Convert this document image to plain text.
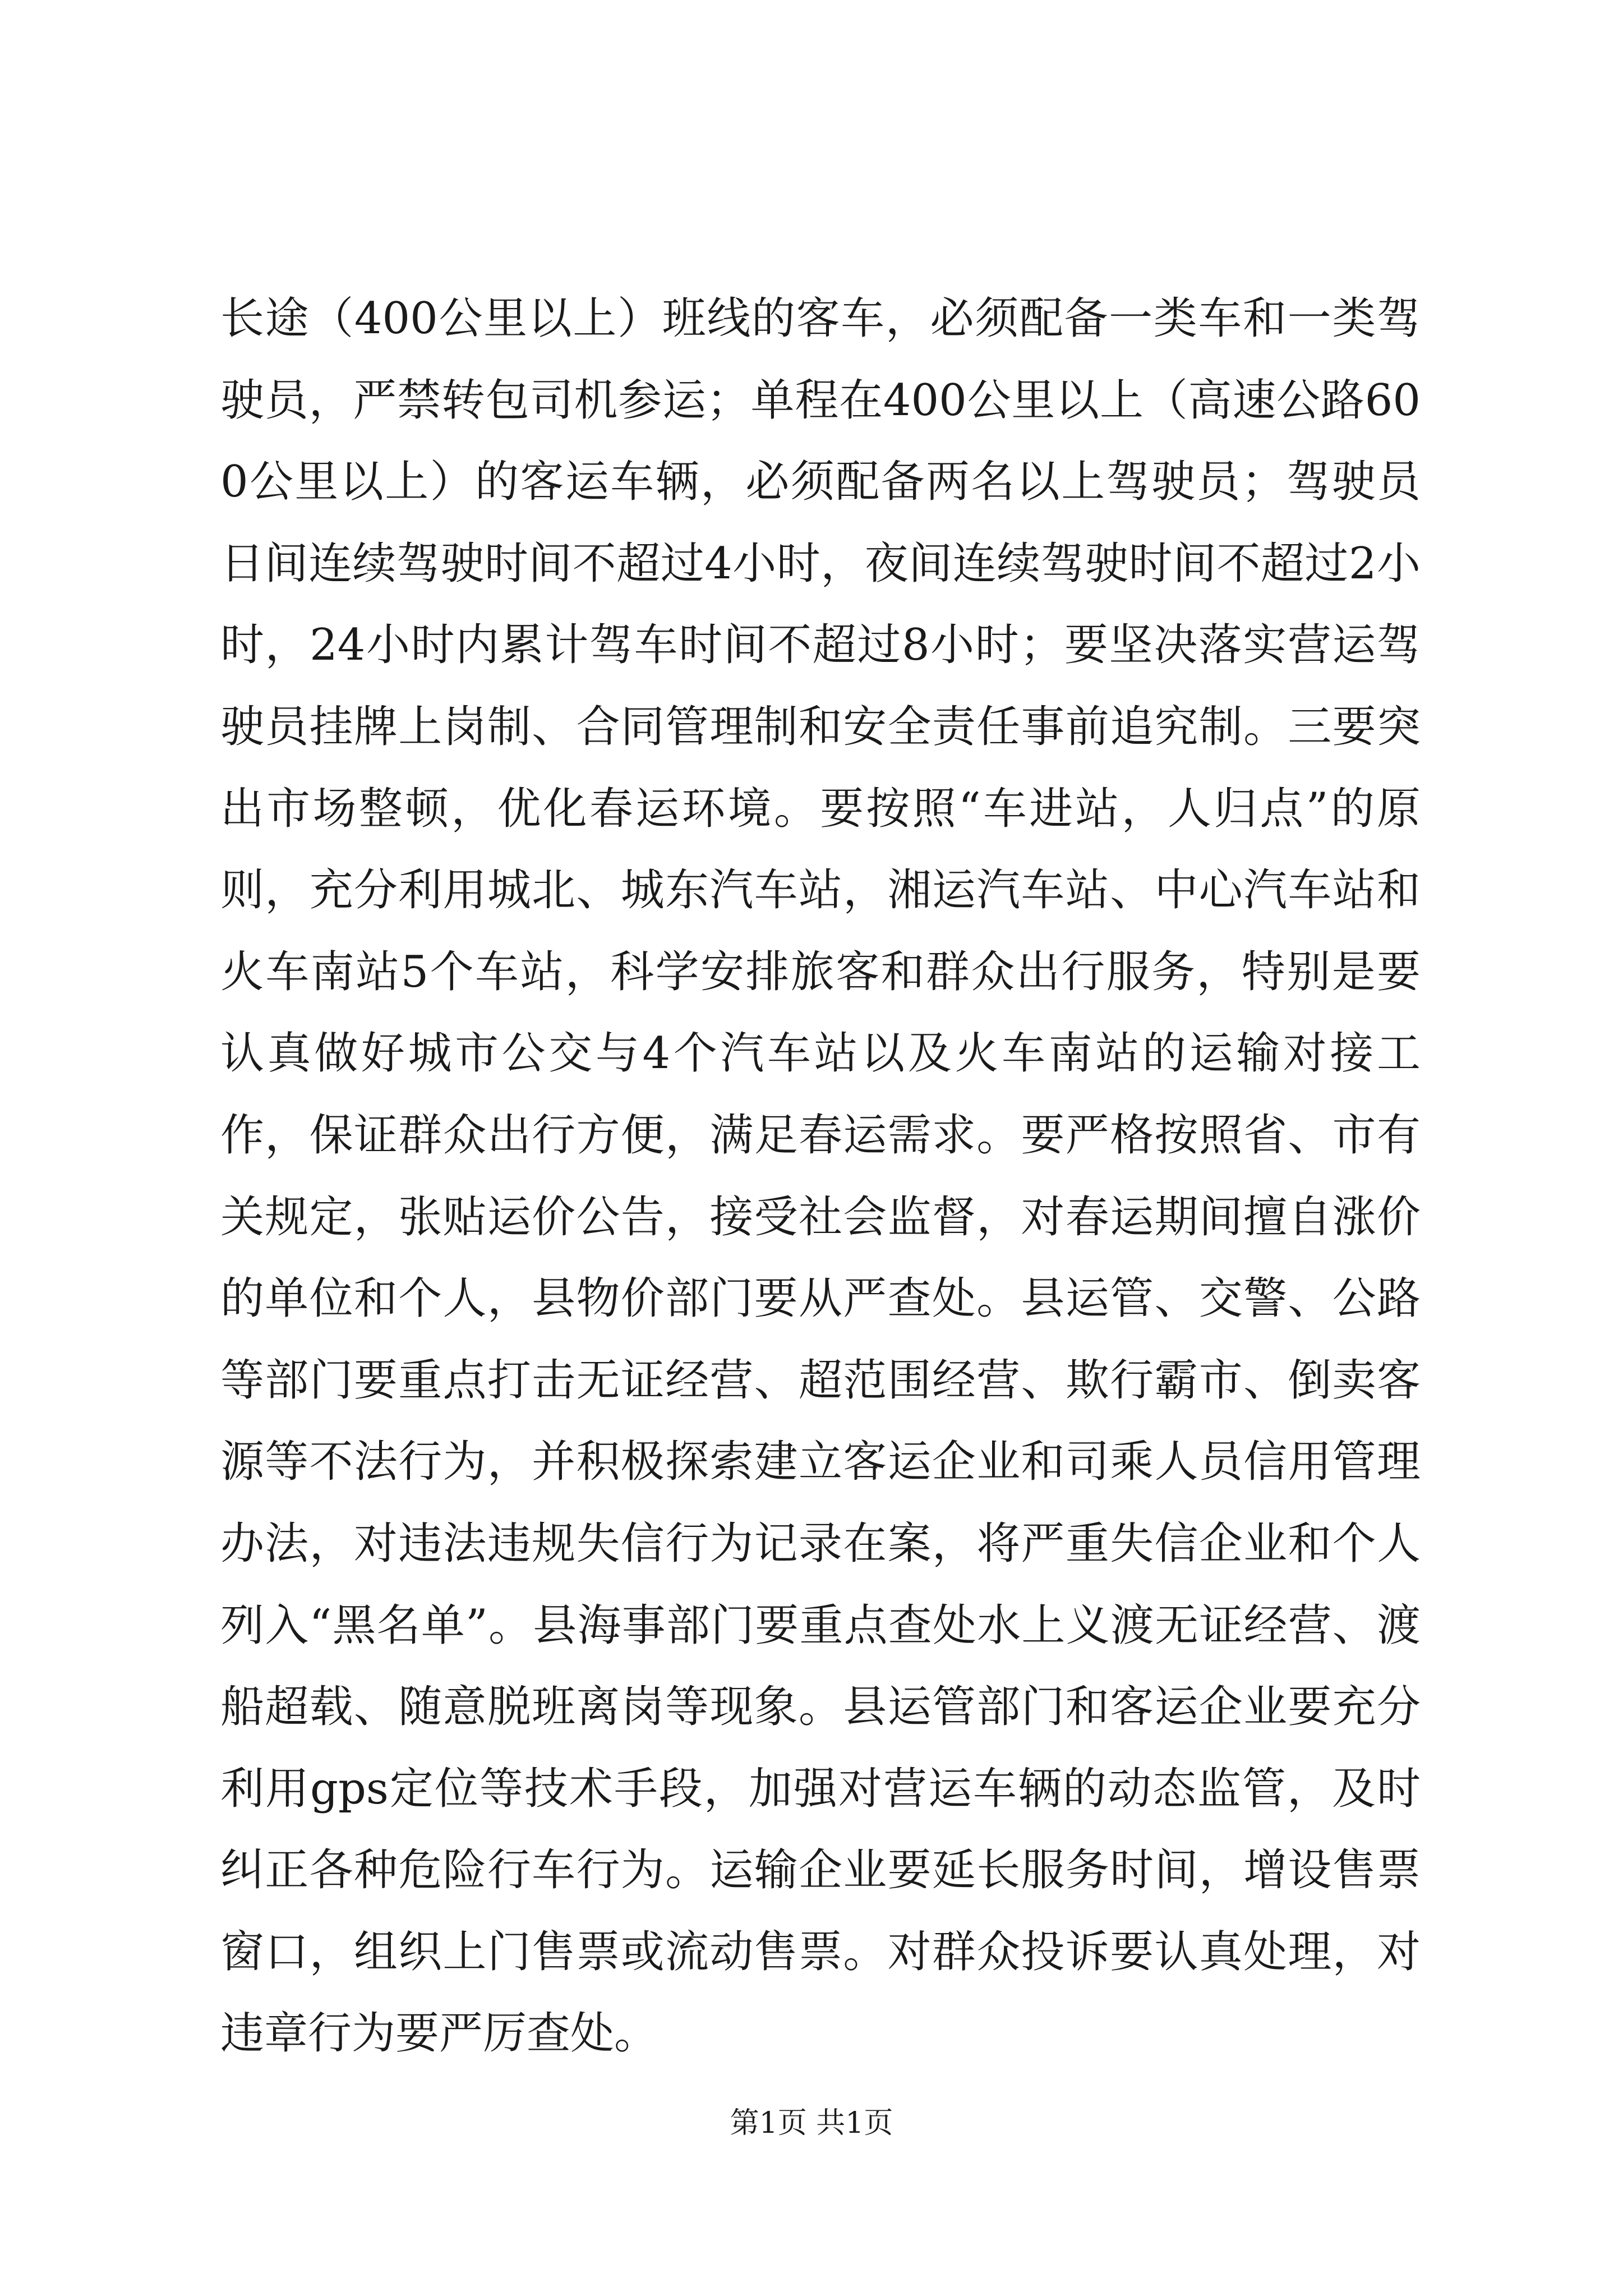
长途（400公里以上）班线的客车，必须配备一类车和一类驾驶员，严禁转包司机参运；单程在400公里以上（高速公路600公里以上）的客运车辆，必须配备两名以上驾驶员；驾驶员日间连续驾驶时间不超过4小时，夜间连续驾驶时间不超过2小时，24小时内累计驾车时间不超过8小时；要坚决落实营运驾驶员挂牌上岗制、合同管理制和安全责任事前追究制。三要突出市场整顿，优化春运环境。要按照“车进站，人归点”的原则，充分利用城北、城东汽车站，湘运汽车站、中心汽车站和火车南站5个车站，科学安排旅客和群众出行服务，特别是要认真做好城市公交与4个汽车站以及火车南站的运输对接工作，保证群众出行方便，满足春运需求。要严格按照省、市有关规定，张贴运价公告，接受社会监督，对春运期间擅自涨价的单位和个人，县物价部门要从严查处。县运管、交警、公路等部门要重点打击无证经营、超范围经营、欺行霸市、倒卖客源等不法行为，并积极探索建立客运企业和司乘人员信用管理办法，对违法违规失信行为记录在案，将严重失信企业和个人列入“黑名单”。县海事部门要重点查处水上义渡无证经营、渡船超载、随意脱班离岗等现象。县运管部门和客运企业要充分利用gps定位等技术手段，加强对营运车辆的动态监管，及时纠正各种危险行车行为。运输企业要延长服务时间，增设售票窗口，组织上门售票或流动售票。对群众投诉要认真处理，对违章行为要严厉查处。

第1页 共1页
